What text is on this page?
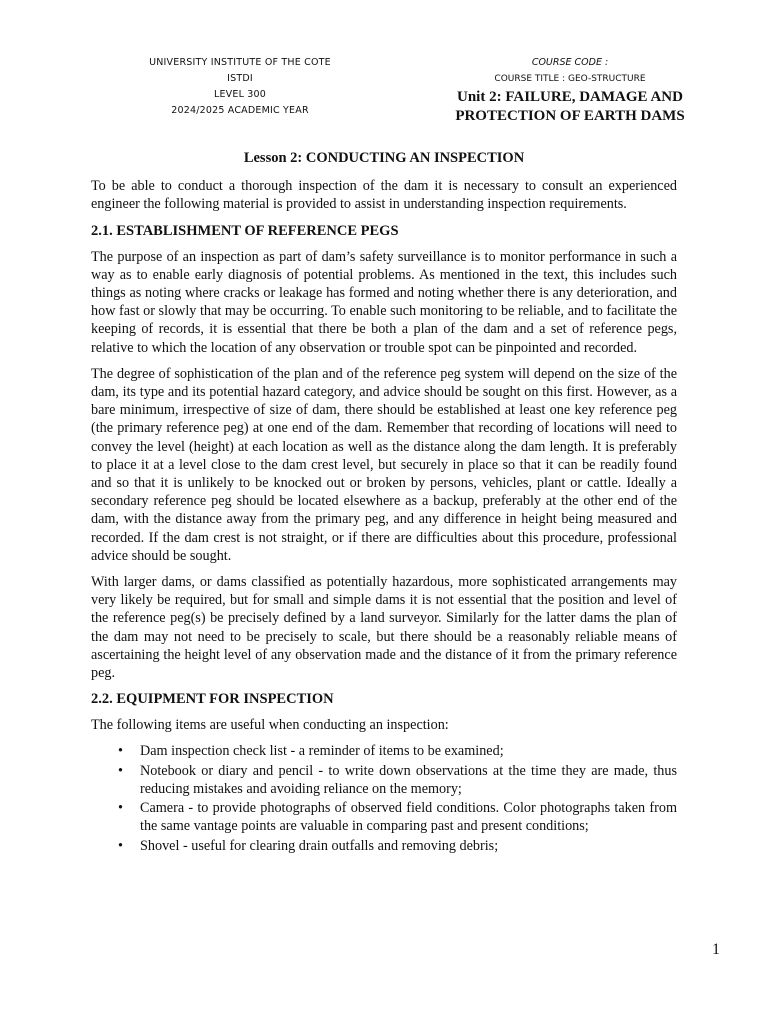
UNIVERSITY INSTITUTE OF THE COTE
ISTDI
LEVEL 300
2024/2025 ACADEMIC YEAR
COURSE CODE :
COURSE TITLE : GEO-STRUCTURE
Unit 2: FAILURE, DAMAGE AND
PROTECTION OF EARTH DAMS
Lesson 2: CONDUCTING AN INSPECTION

To be able to conduct a thorough inspection of the dam it is necessary to consult an experienced engineer the following material is provided to assist in understanding inspection requirements.

2.1. ESTABLISHMENT OF REFERENCE PEGS

The purpose of an inspection as part of dam’s safety surveillance is to monitor performance in such a way as to enable early diagnosis of potential problems. As mentioned in the text, this includes such things as noting where cracks or leakage has formed and noting whether there is any deterioration, and how fast or slowly that may be occurring. To enable such monitoring to be reliable, and to facilitate the keeping of records, it is essential that there be both a plan of the dam and a set of reference pegs, relative to which the location of any observation or trouble spot can be pinpointed and recorded.

The degree of sophistication of the plan and of the reference peg system will depend on the size of the dam, its type and its potential hazard category, and advice should be sought on this first. However, as a bare minimum, irrespective of size of dam, there should be established at least one key reference peg (the primary reference peg) at one end of the dam. Remember that recording of locations will need to convey the level (height) at each location as well as the distance along the dam length. It is preferably to place it at a level close to the dam crest level, but securely in place so that it can be readily found and so that it is unlikely to be knocked out or broken by persons, vehicles, plant or cattle. Ideally a secondary reference peg should be located elsewhere as a backup, preferably at the other end of the dam, with the distance away from the primary peg, and any difference in height being measured and recorded. If the dam crest is not straight, or if there are difficulties about this procedure, professional advice should be sought.

With larger dams, or dams classified as potentially hazardous, more sophisticated arrangements may very likely be required, but for small and simple dams it is not essential that the position and level of the reference peg(s) be precisely defined by a land surveyor. Similarly for the latter dams the plan of the dam may not need to be precisely to scale, but there should be a reasonably reliable means of ascertaining the height level of any observation made and the distance of it from the primary reference peg.

2.2. EQUIPMENT FOR INSPECTION

The following items are useful when conducting an inspection:

• Dam inspection check list - a reminder of items to be examined;
• Notebook or diary and pencil - to write down observations at the time they are made, thus reducing mistakes and avoiding reliance on the memory;
• Camera - to provide photographs of observed field conditions. Color photographs taken from the same vantage points are valuable in comparing past and present conditions;
• Shovel - useful for clearing drain outfalls and removing debris;
1
